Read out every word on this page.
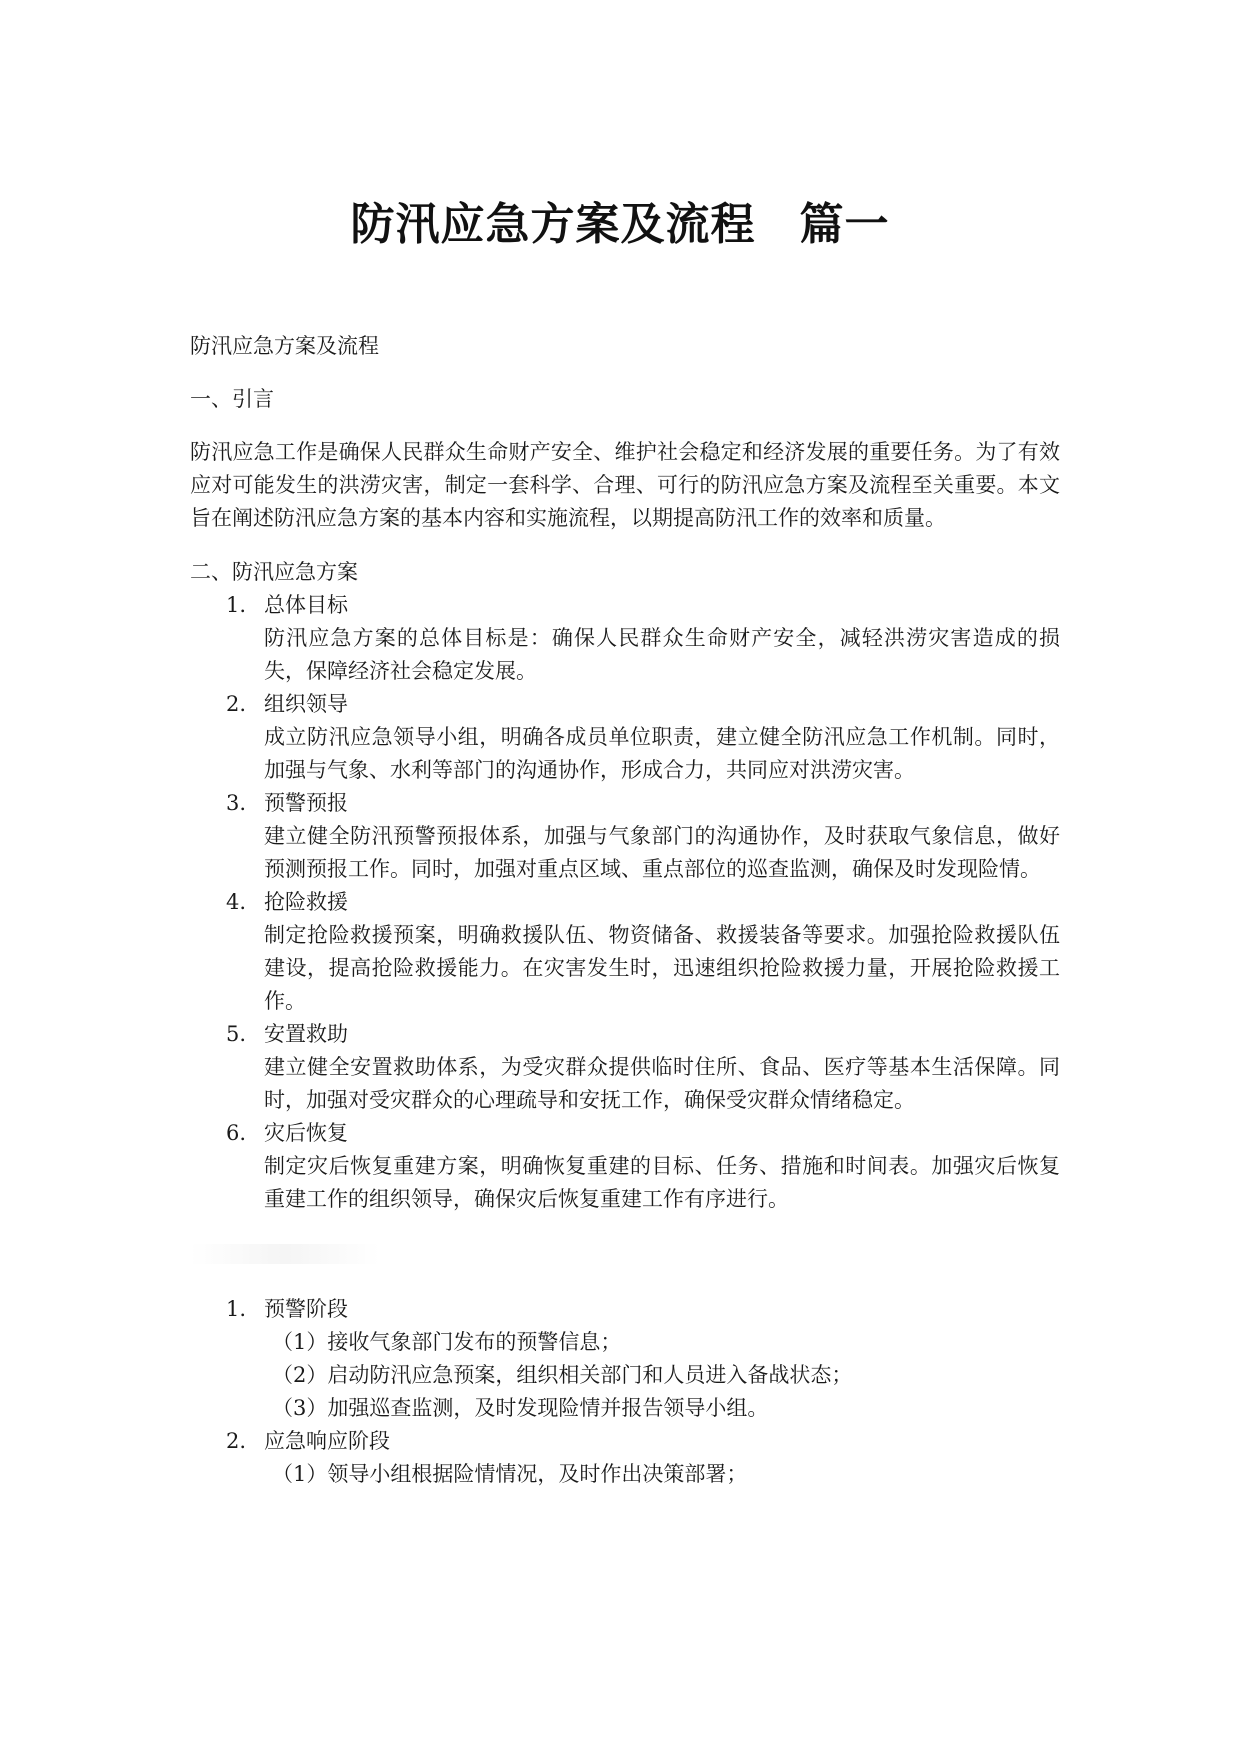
防汛应急方案及流程 篇一

防汛应急方案及流程

一、引言

防汛应急工作是确保人民群众生命财产安全、维护社会稳定和经济发展的重要任务。为了有效应对可能发生的洪涝灾害，制定一套科学、合理、可行的防汛应急方案及流程至关重要。本文旨在阐述防汛应急方案的基本内容和实施流程，以期提高防汛工作的效率和质量。

二、防汛应急方案

1. 总体目标

防汛应急方案的总体目标是：确保人民群众生命财产安全，减轻洪涝灾害造成的损失，保障经济社会稳定发展。

2. 组织领导

成立防汛应急领导小组，明确各成员单位职责，建立健全防汛应急工作机制。同时，加强与气象、水利等部门的沟通协作，形成合力，共同应对洪涝灾害。

3. 预警预报

建立健全防汛预警预报体系，加强与气象部门的沟通协作，及时获取气象信息，做好预测预报工作。同时，加强对重点区域、重点部位的巡查监测，确保及时发现险情。

4. 抢险救援

制定抢险救援预案，明确救援队伍、物资储备、救援装备等要求。加强抢险救援队伍建设，提高抢险救援能力。在灾害发生时，迅速组织抢险救援力量，开展抢险救援工作。

5. 安置救助

建立健全安置救助体系，为受灾群众提供临时住所、食品、医疗等基本生活保障。同时，加强对受灾群众的心理疏导和安抚工作，确保受灾群众情绪稳定。

6. 灾后恢复

制定灾后恢复重建方案，明确恢复重建的目标、任务、措施和时间表。加强灾后恢复重建工作的组织领导，确保灾后恢复重建工作有序进行。

1. 预警阶段

（1）接收气象部门发布的预警信息；

（2）启动防汛应急预案，组织相关部门和人员进入备战状态；

（3）加强巡查监测，及时发现险情并报告领导小组。

2. 应急响应阶段

（1）领导小组根据险情情况，及时作出决策部署；
